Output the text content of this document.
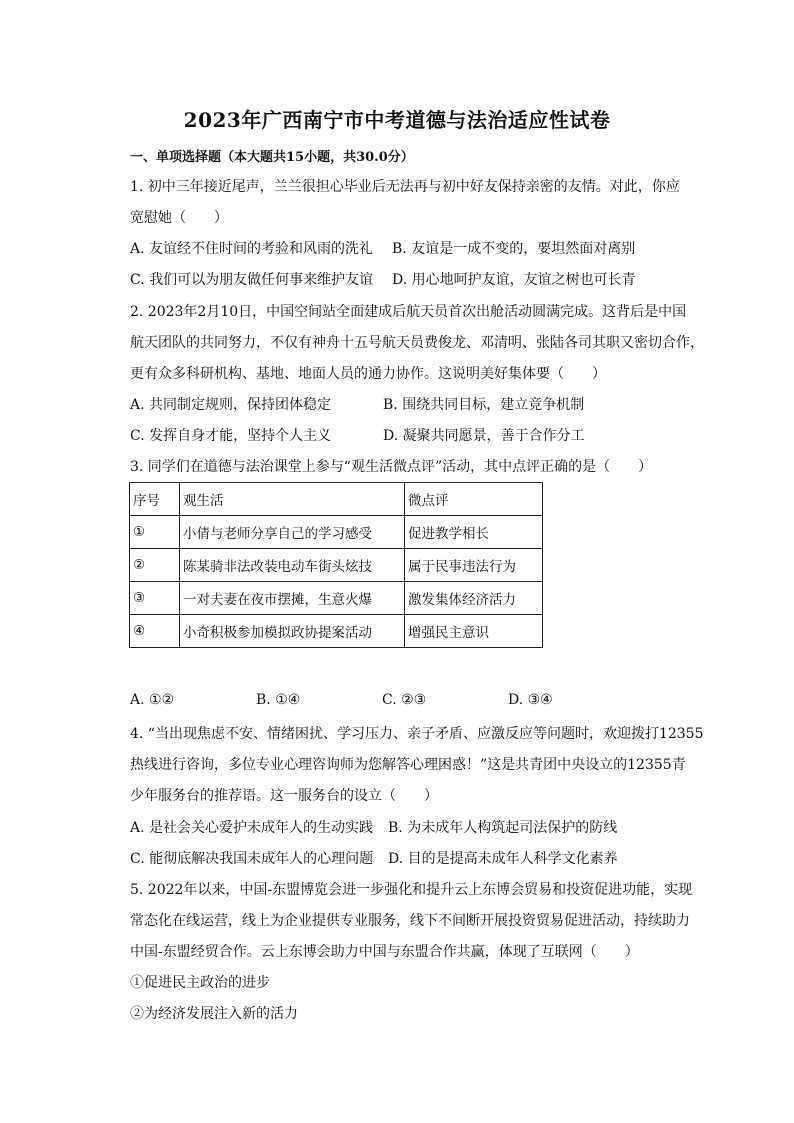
2023年广西南宁市中考道德与法治适应性试卷
一、单项选择题（本大题共15小题，共30.0分）
1. 初中三年接近尾声，兰兰很担心毕业后无法再与初中好友保持亲密的友情。对此，你应
宽慰她（　　）
A. 友谊经不住时间的考验和风雨的洗礼 B. 友谊是一成不变的，要坦然面对离别
C. 我们可以为朋友做任何事来维护友谊 D. 用心地呵护友谊，友谊之树也可长青
2. 2023年2月10日，中国空间站全面建成后航天员首次出舱活动圆满完成。这背后是中国
航天团队的共同努力，不仅有神舟十五号航天员费俊龙、邓清明、张陆各司其职又密切合作，
更有众多科研机构、基地、地面人员的通力协作。这说明美好集体要（　　）
A. 共同制定规则，保持团体稳定	B. 围绕共同目标，建立竞争机制
C. 发挥自身才能，坚持个人主义	D. 凝聚共同愿景，善于合作分工
3. 同学们在道德与法治课堂上参与“观生活微点评”活动，其中点评正确的是（　　）
序号	观生活	微点评
①	小倩与老师分享自己的学习感受	促进教学相长
②	陈某骑非法改装电动车街头炫技	属于民事违法行为
③	一对夫妻在夜市摆摊，生意火爆	激发集体经济活力
④	小奇积极参加模拟政协提案活动	增强民主意识
A. ①②	B. ①④	C. ②③	D. ③④
4. “当出现焦虑不安、情绪困扰、学习压力、亲子矛盾、应激反应等问题时，欢迎拨打12355
热线进行咨询，多位专业心理咨询师为您解答心理困惑！”这是共青团中央设立的12355青
少年服务台的推荐语。这一服务台的设立（　　）
A. 是社会关心爱护未成年人的生动实践 B. 为未成年人构筑起司法保护的防线
C. 能彻底解决我国未成年人的心理问题 D. 目的是提高未成年人科学文化素养
5. 2022年以来，中国-东盟博览会进一步强化和提升云上东博会贸易和投资促进功能，实现
常态化在线运营，线上为企业提供专业服务，线下不间断开展投资贸易促进活动，持续助力
中国-东盟经贸合作。云上东博会助力中国与东盟合作共赢，体现了互联网（　　）
①促进民主政治的进步
②为经济发展注入新的活力
